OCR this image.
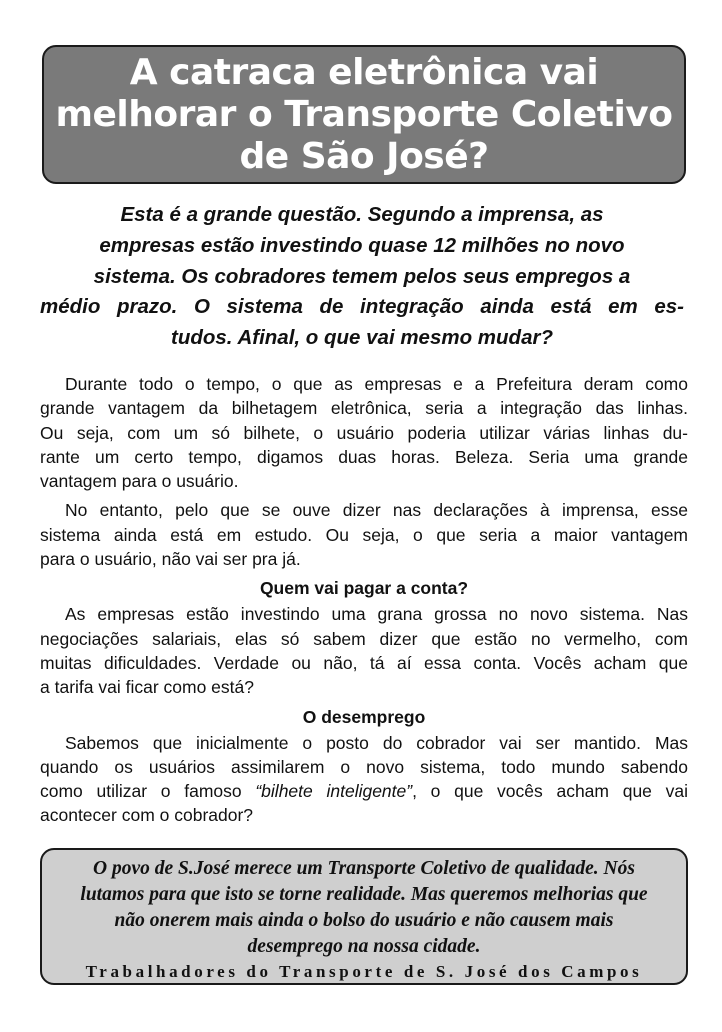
A catraca eletrônica vai
melhorar o Transporte Coletivo
de São José?
Esta é a grande questão. Segundo a imprensa, as
empresas estão investindo quase 12 milhões no novo
sistema. Os cobradores temem pelos seus empregos a
médio prazo. O sistema de integração ainda está em es-
tudos. Afinal, o que vai mesmo mudar?
Durante todo o tempo, o que as empresas e a Prefeitura deram como
grande vantagem da bilhetagem eletrônica, seria a integração das linhas.
Ou seja, com um só bilhete, o usuário poderia utilizar várias linhas du-
rante um certo tempo, digamos duas horas. Beleza. Seria uma grande
vantagem para o usuário.
No entanto, pelo que se ouve dizer nas declarações à imprensa, esse
sistema ainda está em estudo. Ou seja, o que seria a maior vantagem
para o usuário, não vai ser pra já.
Quem vai pagar a conta?
As empresas estão investindo uma grana grossa no novo sistema. Nas
negociações salariais, elas só sabem dizer que estão no vermelho, com
muitas dificuldades. Verdade ou não, tá aí essa conta. Vocês acham que
a tarifa vai ficar como está?
O desemprego
Sabemos que inicialmente o posto do cobrador vai ser mantido. Mas
quando os usuários assimilarem o novo sistema, todo mundo sabendo
como utilizar o famoso “bilhete inteligente”, o que vocês acham que vai
acontecer com o cobrador?
O povo de S.José merece um Transporte Coletivo de qualidade. Nós
lutamos para que isto se torne realidade. Mas queremos melhorias que
não onerem mais ainda o bolso do usuário e não causem mais
desemprego na nossa cidade.
Trabalhadores do Transporte de S. José dos Campos
